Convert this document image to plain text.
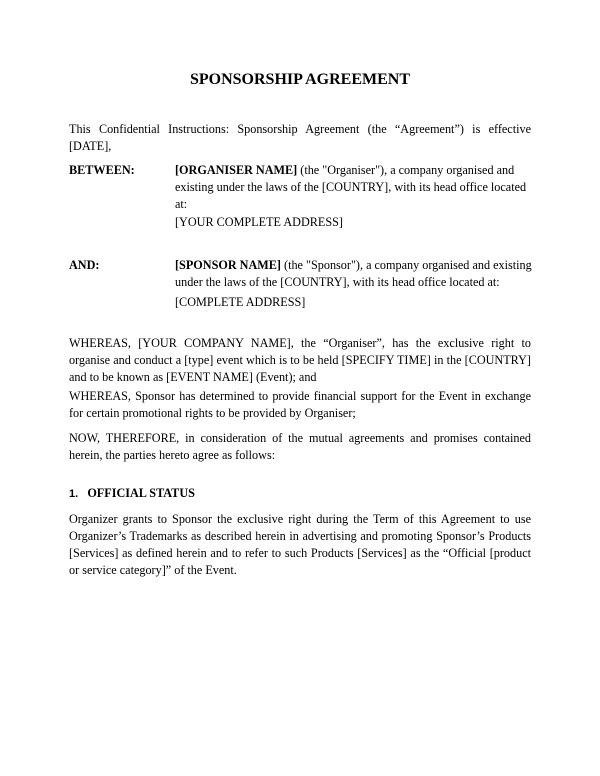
SPONSORSHIP AGREEMENT
This Confidential Instructions: Sponsorship Agreement (the “Agreement”) is effective [DATE],
BETWEEN:	[ORGANISER NAME] (the "Organiser"), a company organised and existing under the laws of the [COUNTRY], with its head office located at:
[YOUR COMPLETE ADDRESS]
AND:	[SPONSOR NAME] (the "Sponsor"), a company organised and existing under the laws of the [COUNTRY], with its head office located at:
[COMPLETE ADDRESS]
WHEREAS, [YOUR COMPANY NAME], the “Organiser”, has the exclusive right to organise and conduct a [type] event which is to be held [SPECIFY TIME] in the [COUNTRY] and to be known as [EVENT NAME] (Event); and
WHEREAS, Sponsor has determined to provide financial support for the Event in exchange for certain promotional rights to be provided by Organiser;
NOW, THEREFORE, in consideration of the mutual agreements and promises contained herein, the parties hereto agree as follows:
1. OFFICIAL STATUS
Organizer grants to Sponsor the exclusive right during the Term of this Agreement to use Organizer’s Trademarks as described herein in advertising and promoting Sponsor’s Products [Services] as defined herein and to refer to such Products [Services] as the “Official [product or service category]” of the Event.
